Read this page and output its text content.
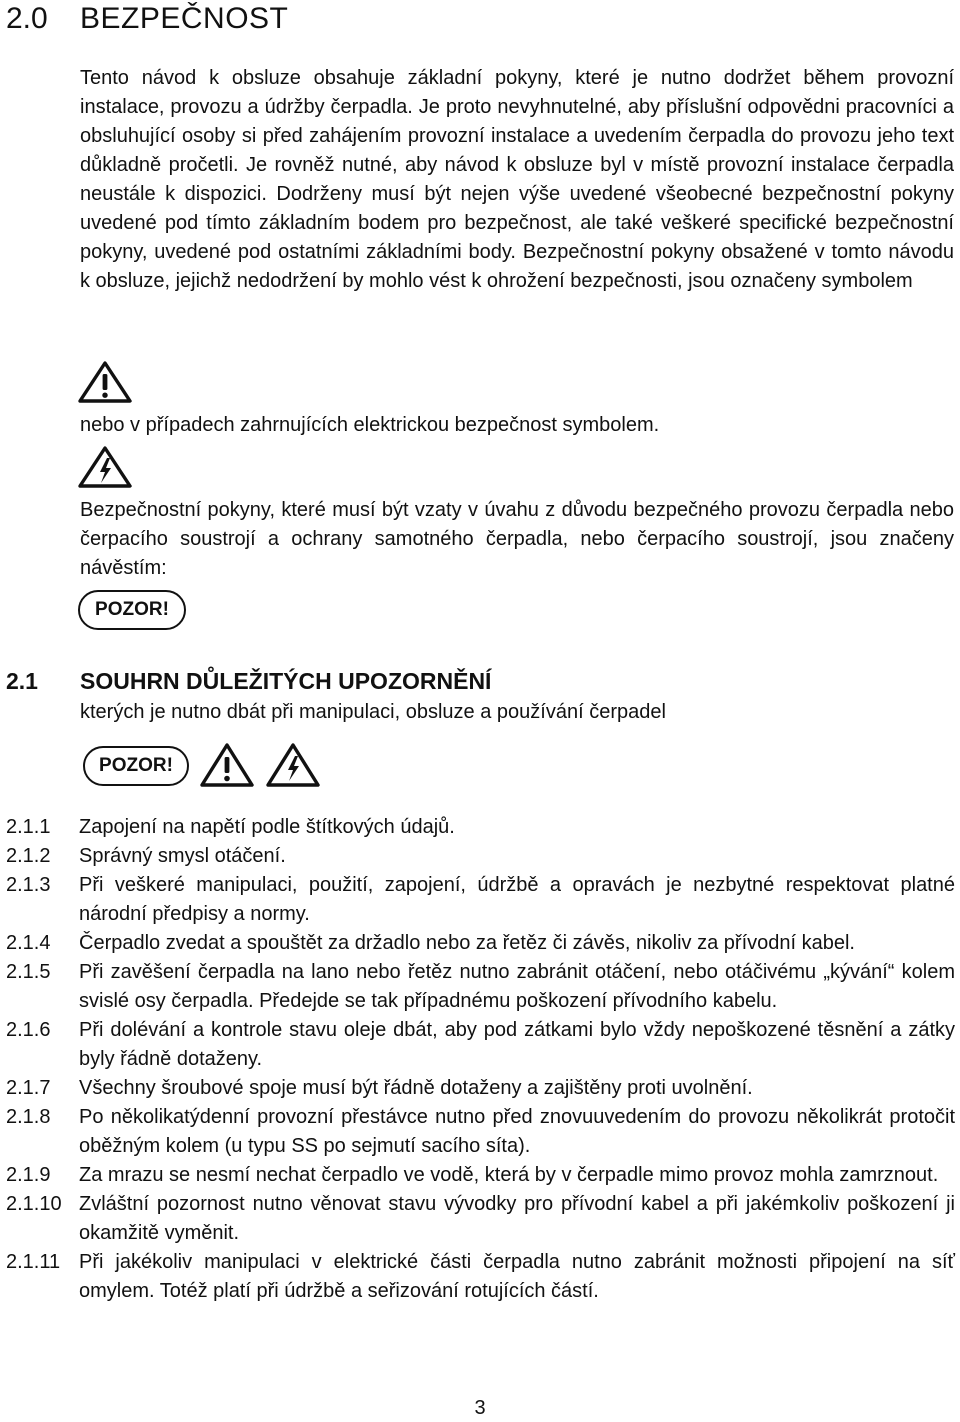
2.0 BEZPEČNOST

Tento návod k obsluze obsahuje základní pokyny, které je nutno dodržet během provozní instalace, provozu a údržby čerpadla. Je proto nevyhnutelné, aby příslušní odpovědni pracovníci a obsluhující osoby si před zahájením provozní instalace a uvedením čerpadla do provozu jeho text důkladně pročetli. Je rovněž nutné, aby návod k obsluze byl v místě provozní instalace čerpadla neustále k dispozici. Dodrženy musí být nejen výše uvedené všeobecné bezpečnostní pokyny uvedené pod tímto základním bodem pro bezpečnost, ale také veškeré specifické bezpečnostní pokyny, uvedené pod ostatními základními body. Bezpečnostní pokyny obsažené v tomto návodu k obsluze, jejichž nedodržení by mohlo vést k ohrožení bezpečnosti, jsou označeny symbolem

nebo v případech zahrnujících elektrickou bezpečnost symbolem.

Bezpečnostní pokyny, které musí být vzaty v úvahu z důvodu bezpečného provozu čerpadla nebo čerpacího soustrojí a ochrany samotného čerpadla, nebo čerpacího soustrojí, jsou značeny návěstím:

POZOR!
2.1 SOUHRN DŮLEŽITÝCH UPOZORNĚNÍ
kterých je nutno dbát při manipulaci, obsluze a používání čerpadel
POZOR!
2.1.1 Zapojení na napětí podle štítkových údajů.

2.1.2 Správný smysl otáčení.

2.1.3 Při veškeré manipulaci, použití, zapojení, údržbě a opravách je nezbytné respektovat platné národní předpisy a normy.

2.1.4 Čerpadlo zvedat a spouštět za držadlo nebo za řetěz či závěs, nikoliv za přívodní kabel.

2.1.5 Při zavěšení čerpadla na lano nebo řetěz nutno zabránit otáčení, nebo otáčivému „kývání“ kolem svislé osy čerpadla. Předejde se tak případnému poškození přívodního kabelu.

2.1.6 Při dolévání a kontrole stavu oleje dbát, aby pod zátkami bylo vždy nepoškozené těsnění a zátky byly řádně dotaženy.

2.1.7 Všechny šroubové spoje musí být řádně dotaženy a zajištěny proti uvolnění.

2.1.8 Po několikatýdenní provozní přestávce nutno před znovuuvedením do provozu několikrát protočit oběžným kolem (u typu SS po sejmutí sacího síta).

2.1.9 Za mrazu se nesmí nechat čerpadlo ve vodě, která by v čerpadle mimo provoz mohla zamrznout.

2.1.10 Zvláštní pozornost nutno věnovat stavu vývodky pro přívodní kabel a při jakémkoliv poškození ji okamžitě vyměnit.

2.1.11 Při jakékoliv manipulaci v elektrické části čerpadla nutno zabránit možnosti připojení na síť omylem. Totéž platí při údržbě a seřizování rotujících částí.

3
